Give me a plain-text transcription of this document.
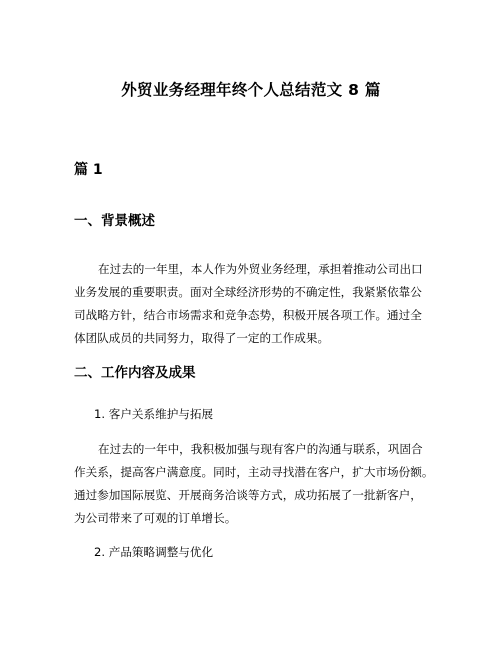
外贸业务经理年终个人总结范文 8 篇
篇 1
一、背景概述
在过去的一年里，本人作为外贸业务经理，承担着推动公司出口
业务发展的重要职责。面对全球经济形势的不确定性，我紧紧依靠公
司战略方针，结合市场需求和竞争态势，积极开展各项工作。通过全
体团队成员的共同努力，取得了一定的工作成果。
二、工作内容及成果
1. 客户关系维护与拓展
在过去的一年中，我积极加强与现有客户的沟通与联系，巩固合
作关系，提高客户满意度。同时，主动寻找潜在客户，扩大市场份额。
通过参加国际展览、开展商务洽谈等方式，成功拓展了一批新客户，
为公司带来了可观的订单增长。
2. 产品策略调整与优化
